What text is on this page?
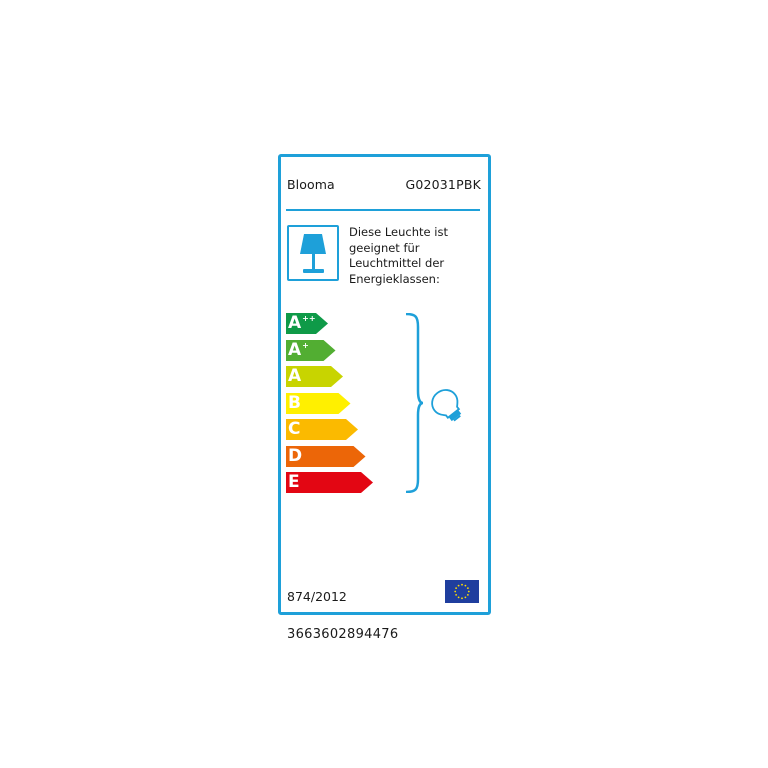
Blooma	G02031PBK
Diese Leuchte ist
geeignet für
Leuchtmittel der
Energieklassen:
A++
A+
A
B
C
D
E
874/2012
3663602894476
